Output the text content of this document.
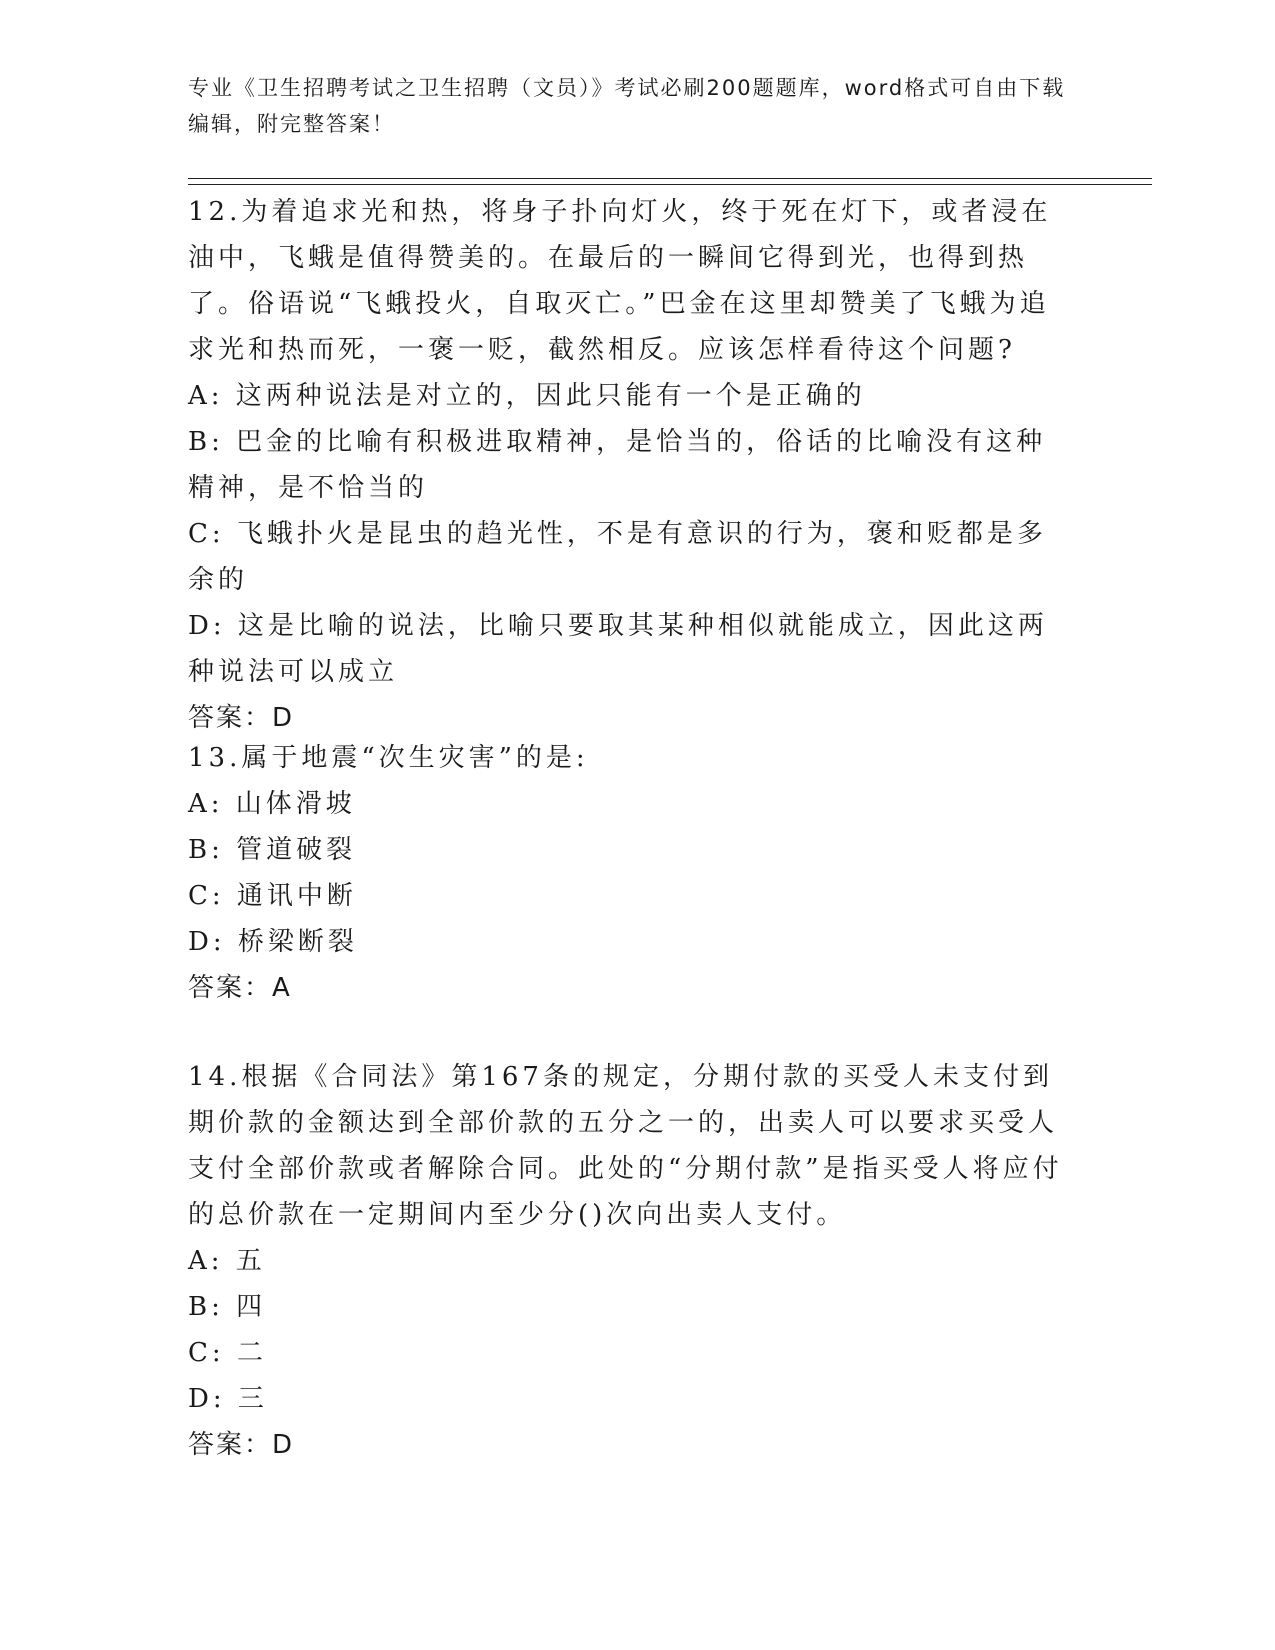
专业《卫生招聘考试之卫生招聘（文员）》考试必刷200题题库，word格式可自由下载编辑，附完整答案！

12.为着追求光和热，将身子扑向灯火，终于死在灯下，或者浸在油中，飞蛾是值得赞美的。在最后的一瞬间它得到光，也得到热了。俗语说“飞蛾投火，自取灭亡。”巴金在这里却赞美了飞蛾为追求光和热而死，一褒一贬，截然相反。应该怎样看待这个问题?

A: 这两种说法是对立的，因此只能有一个是正确的

B: 巴金的比喻有积极进取精神，是恰当的，俗话的比喻没有这种精神，是不恰当的

C: 飞蛾扑火是昆虫的趋光性，不是有意识的行为，褒和贬都是多余的

D: 这是比喻的说法，比喻只要取其某种相似就能成立，因此这两种说法可以成立

答案：D

13.属于地震“次生灾害”的是:

A: 山体滑坡

B: 管道破裂

C: 通讯中断

D: 桥梁断裂

答案：A

14.根据《合同法》第167条的规定，分期付款的买受人未支付到期价款的金额达到全部价款的五分之一的，出卖人可以要求买受人支付全部价款或者解除合同。此处的“分期付款”是指买受人将应付的总价款在一定期间内至少分()次向出卖人支付。

A: 五

B: 四

C: 二

D: 三

答案：D
